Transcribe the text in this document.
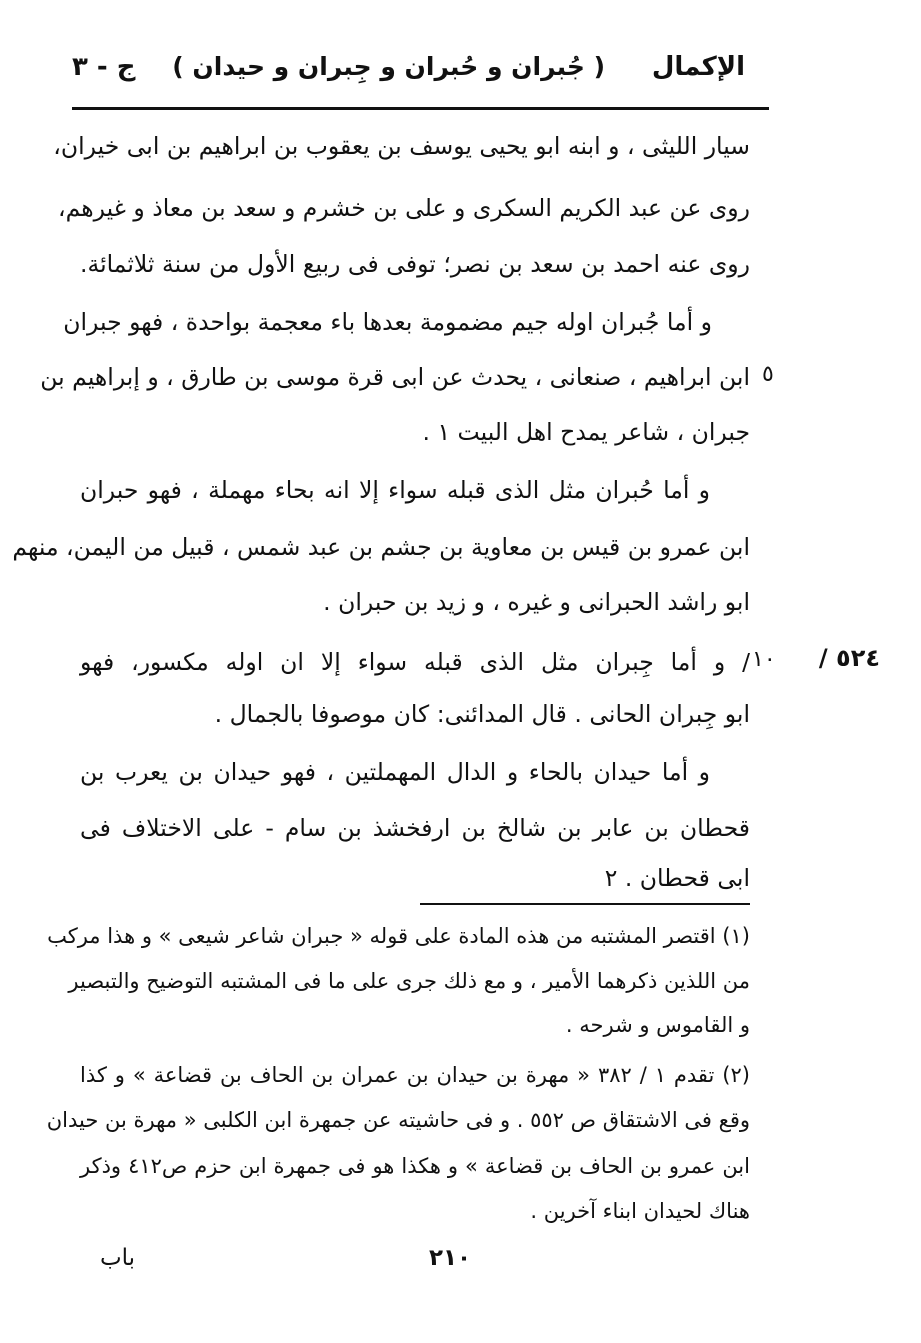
الإكمال
( جُبران و حُبران و جِبران و حيدان )
ج - ٣
سيار الليثى ، و ابنه ابو يحيى يوسف بن يعقوب بن ابراهيم بن ابى خيران،
روى عن عبد الكريم السكرى و على بن خشرم و سعد بن معاذ و غيرهم،
روى عنه احمد بن سعد بن نصر؛ توفى فى ربيع الأول من سنة ثلاثمائة.
و أما جُبران اوله جيم مضمومة بعدها باء معجمة بواحدة ، فهو جبران
ابن ابراهيم ، صنعانى ، يحدث عن ابى قرة موسى بن طارق ، و إبراهيم بن
جبران ، شاعر يمدح اهل البيت ١ .
و أما حُبران مثل الذى قبله سواء إلا انه بحاء مهملة ، فهو حبران
ابن عمرو بن قيس بن معاوية بن جشم بن عبد شمس ، قبيل من اليمن، منهم
ابو راشد الحبرانى و غيره ، و زيد بن حبران .
/ و أما جِبران مثل الذى قبله سواء إلا ان اوله مكسور، فهو
ابو جِبران الحانى . قال المدائنى: كان موصوفا بالجمال .
و أما حيدان بالحاء و الدال المهملتين ، فهو حيدان بن يعرب بن
قحطان بن عابر بن شالخ بن ارفخشذ بن سام - على الاختلاف فى
ابى قحطان . ٢
٥
١٠	٥٢٤ /
(١) اقتصر المشتبه من هذه المادة على قوله « جبران شاعر شيعى » و هذا مركب
من اللذين ذكرهما الأمير ، و مع ذلك جرى على ما فى المشتبه التوضيح والتبصير
و القاموس و شرحه .
(٢) تقدم ١ / ٣٨٢ « مهرة بن حيدان بن عمران بن الحاف بن قضاعة » و كذا
وقع فى الاشتقاق ص ٥٥٢ . و فى حاشيته عن جمهرة ابن الكلبى « مهرة بن حيدان
ابن عمرو بن الحاف بن قضاعة » و هكذا هو فى جمهرة ابن حزم ص٤١٢ وذكر
هناك لحيدان ابناء آخرين .
٢١٠
باب
